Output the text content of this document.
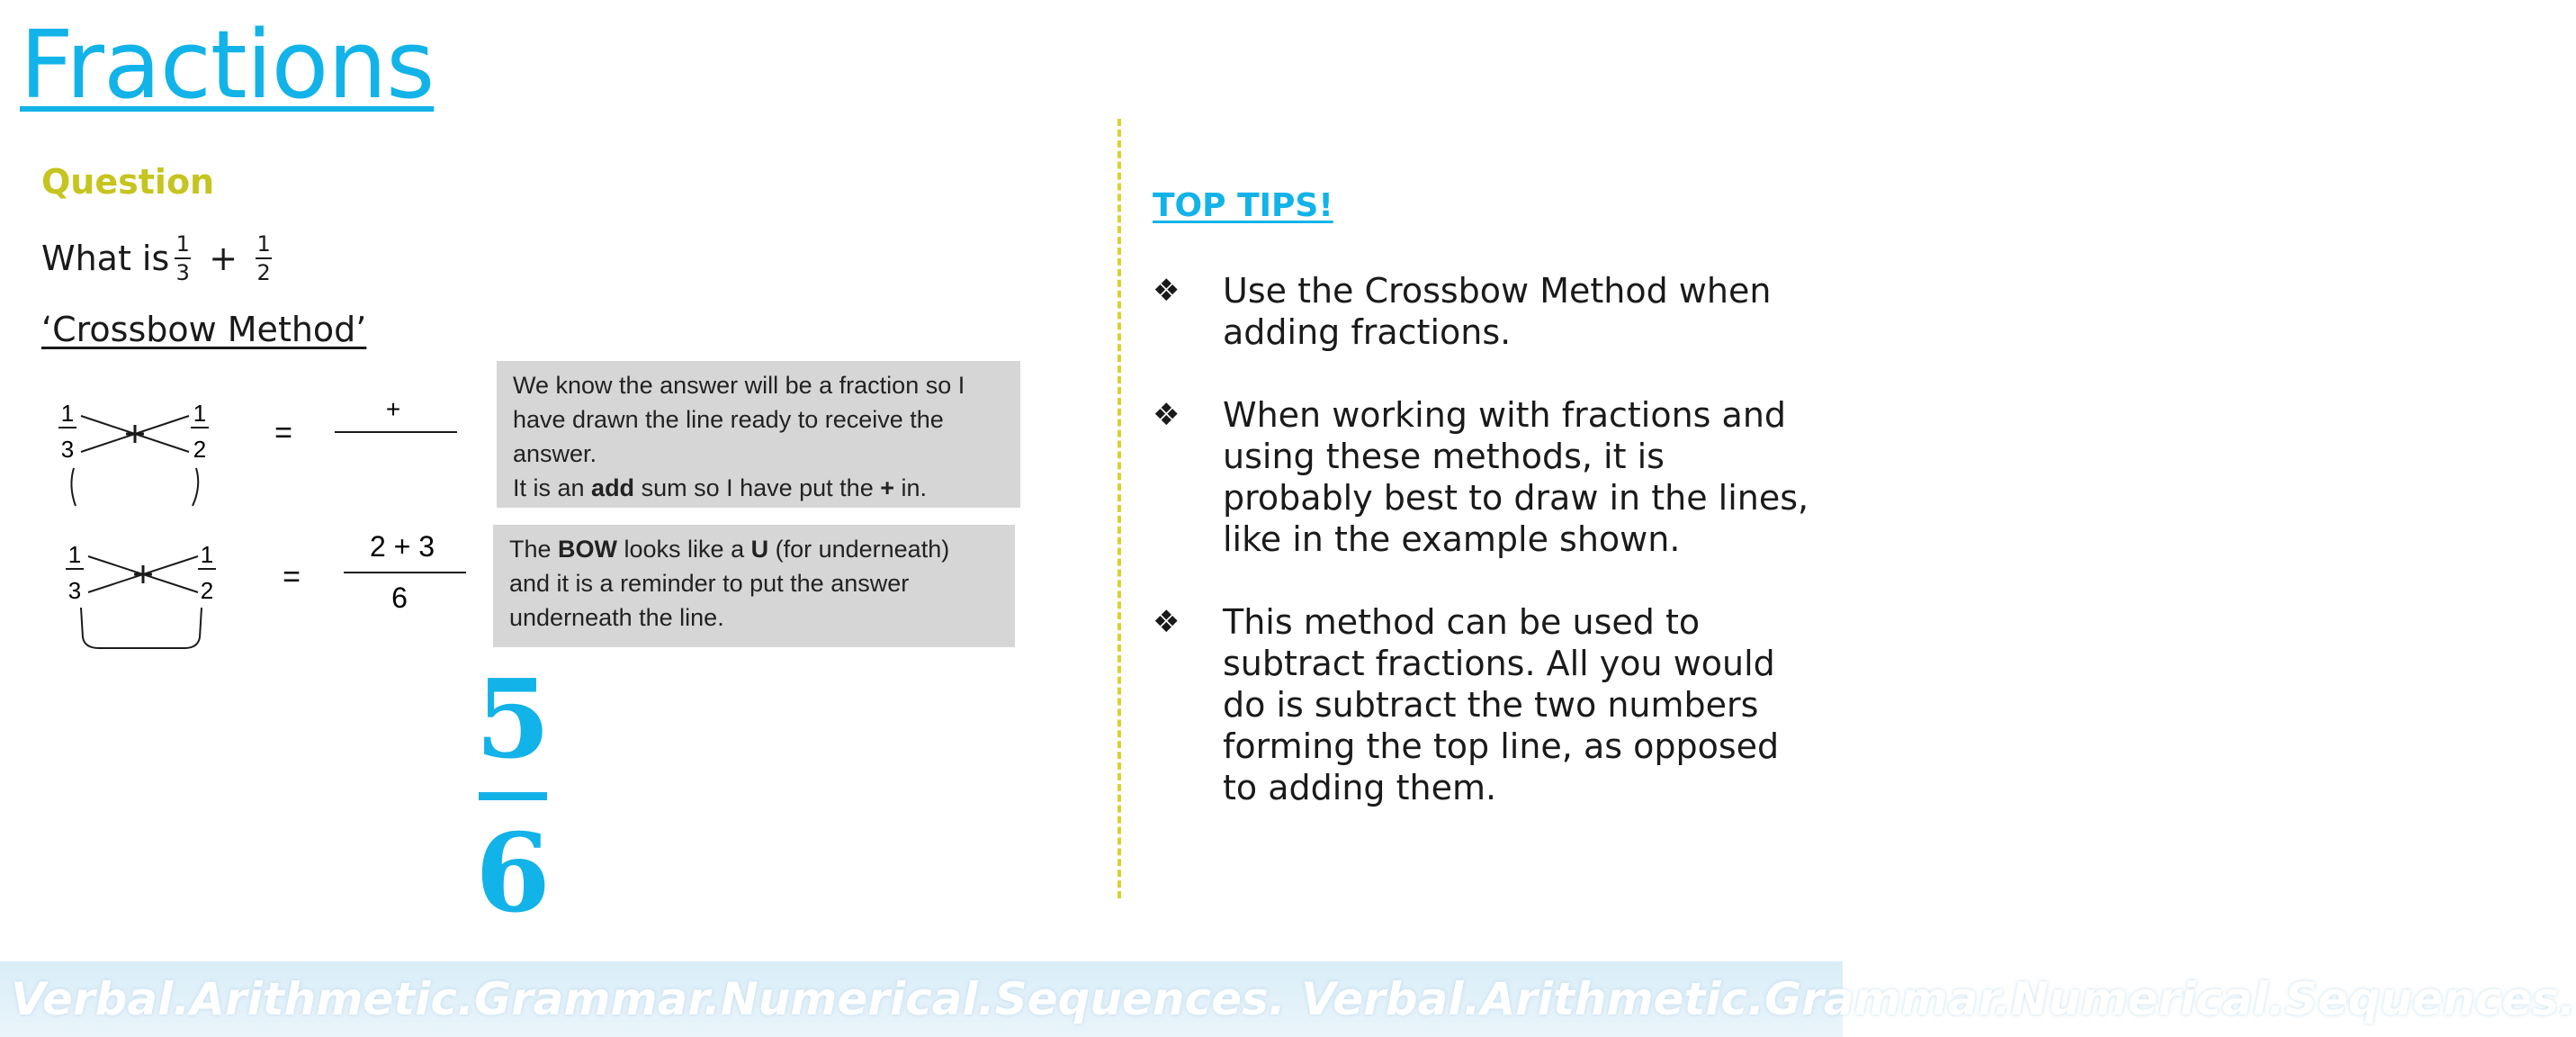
Fractions
Question
What is $\frac{1}{3} + \frac{1}{2}$
‘Crossbow Method’
1
3
1
2 =
+
1
3
1
2 =
2 + 3
6
We know the answer will be a fraction so I
have drawn the line ready to receive the
answer.
It is an add sum so I have put the + in.
The BOW looks like a U (for underneath)
and it is a reminder to put the answer
underneath the line.
5
6
TOP TIPS!
❖	Use the Crossbow Method when adding fractions.
❖	When working with fractions and using these methods, it is probably best to draw in the lines, like in the example shown.
❖	This method can be used to subtract fractions. All you would do is subtract the two numbers forming the top line, as opposed to adding them.
Verbal.Arithmetic.Grammar.Numerical.Sequences. Verbal.Arithmetic.Grammar.Numerical.Sequences.
